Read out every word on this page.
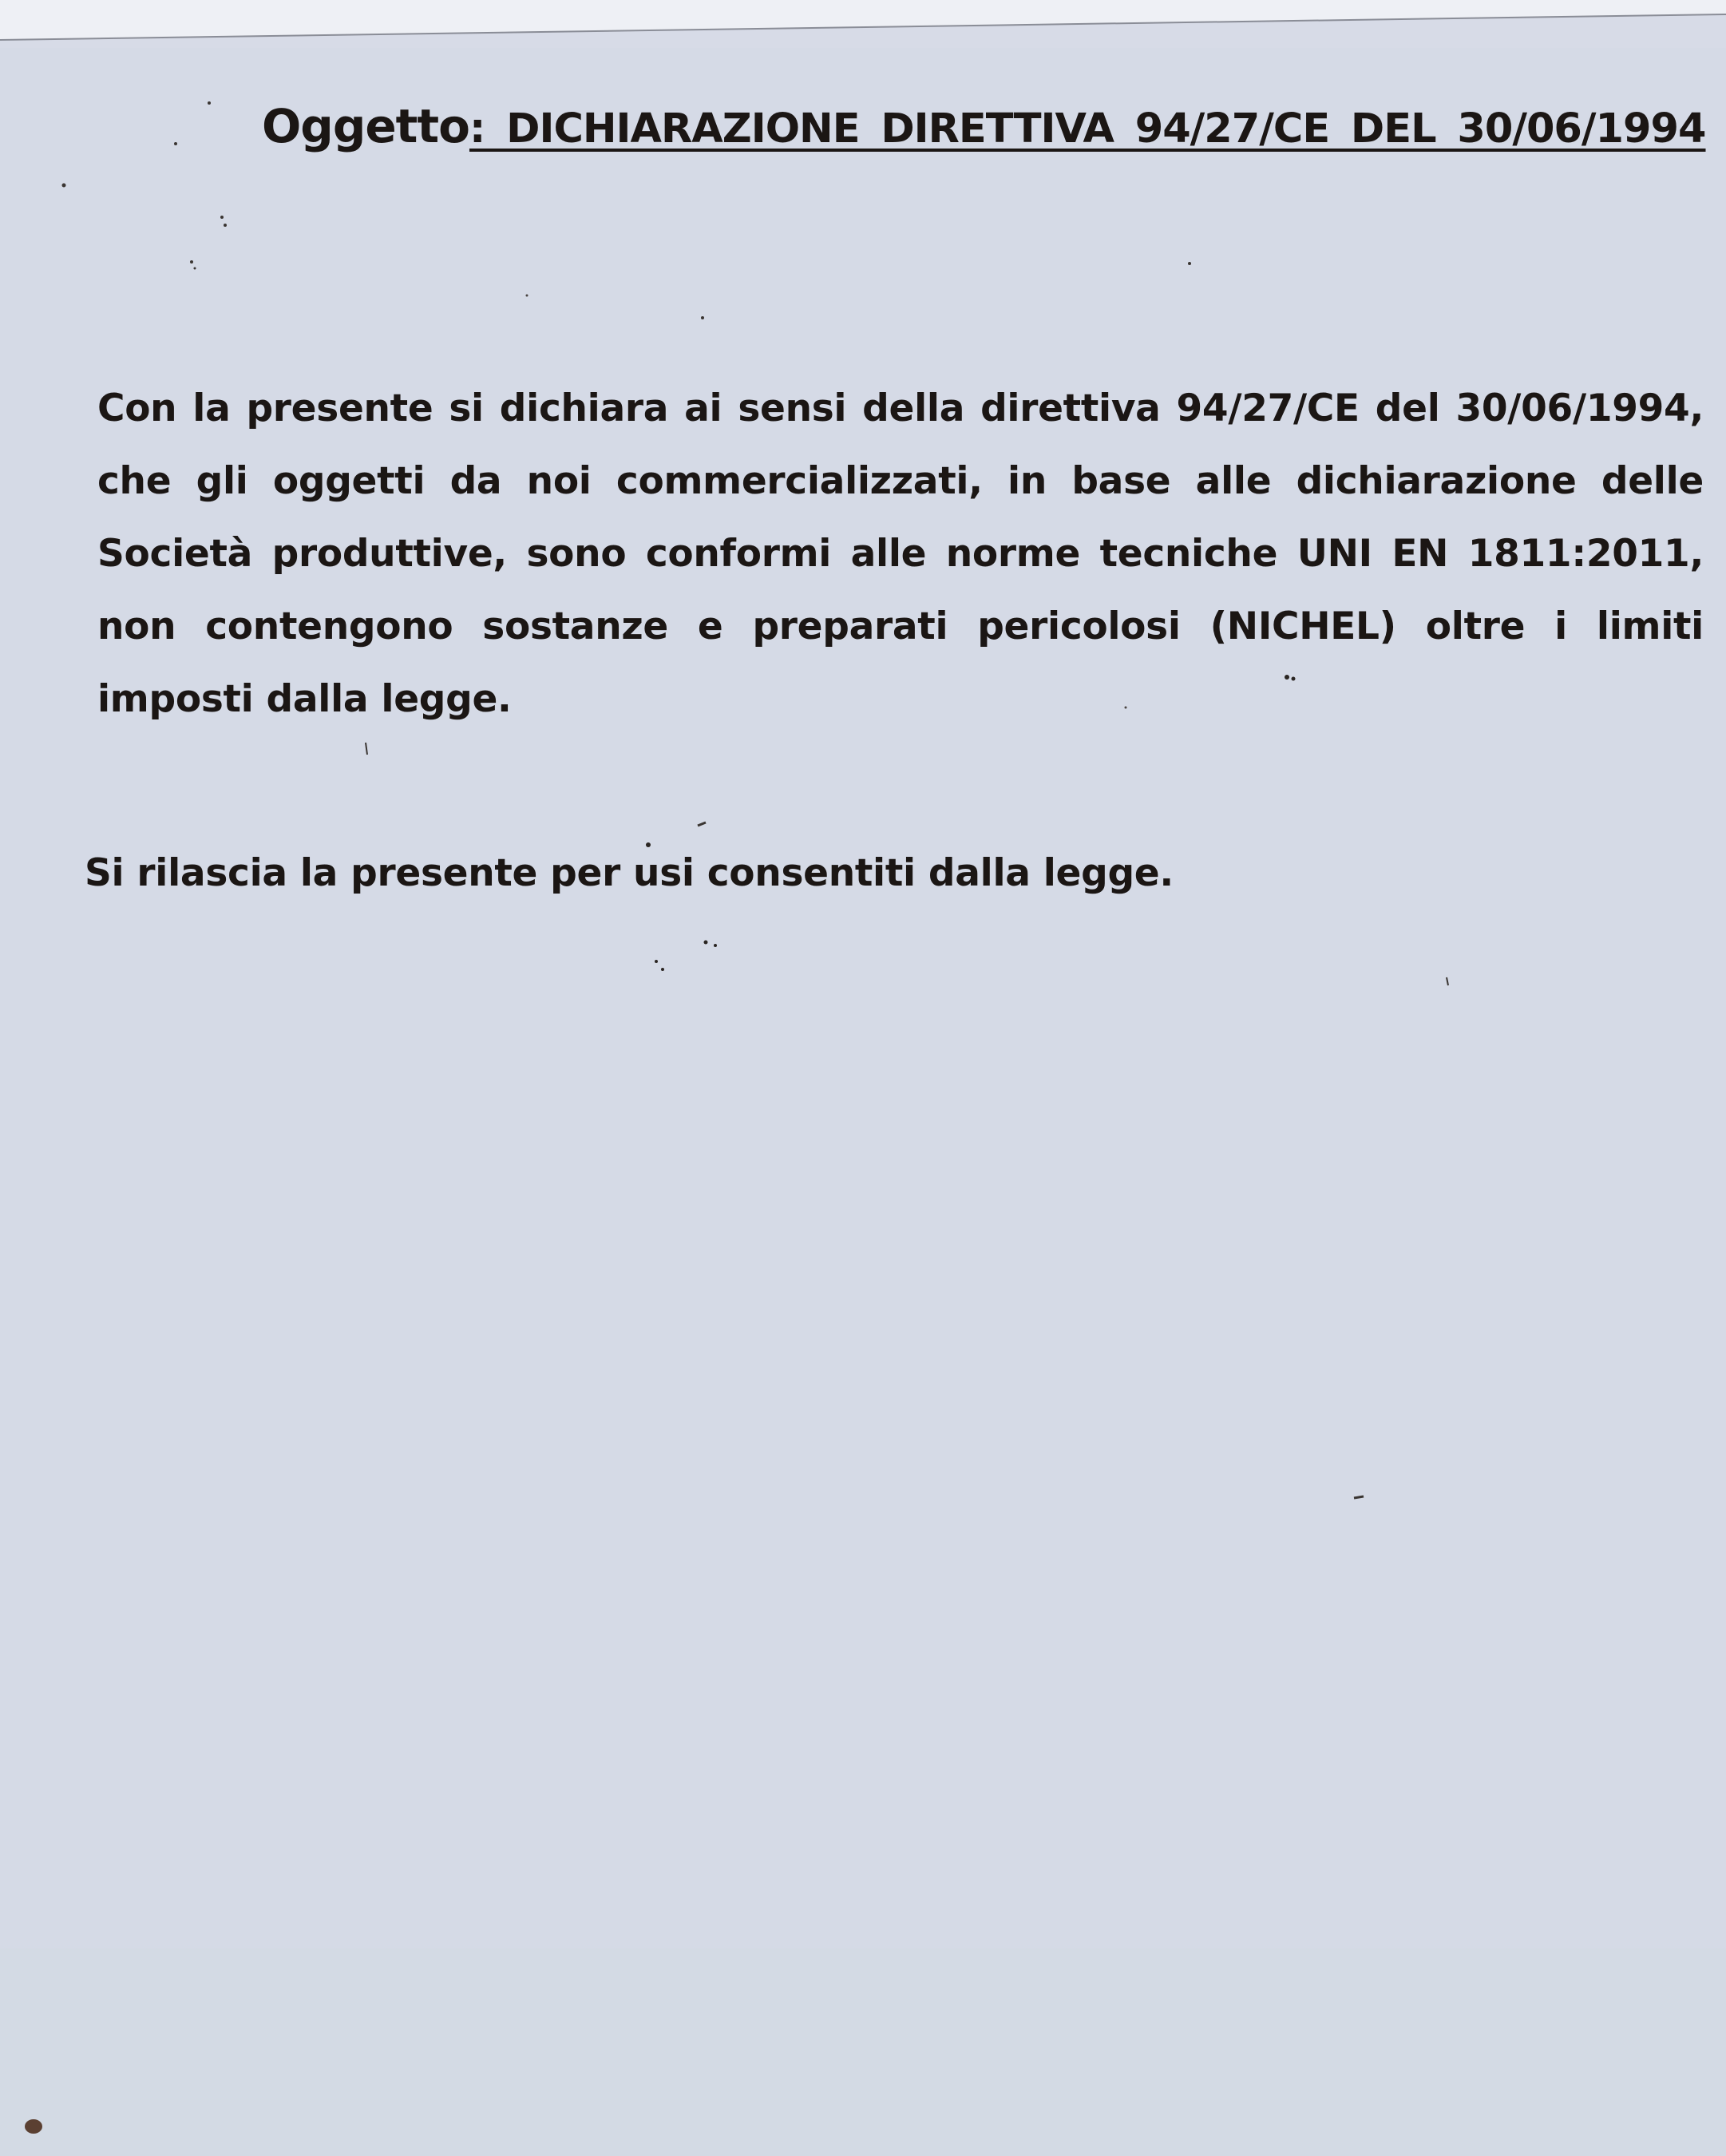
Oggetto: DICHIARAZIONE DIRETTIVA 94/27/CE DEL 30/06/1994

Con la presente si dichiara ai sensi della direttiva 94/27/CE del 30/06/1994, che gli oggetti da noi commercializzati, in base alle dichiarazione delle Società produttive, sono conformi alle norme tecniche UNI EN 1811:2011, non contengono sostanze e preparati pericolosi (NICHEL) oltre i limiti imposti dalla legge.

Si rilascia la presente per usi consentiti dalla legge.
